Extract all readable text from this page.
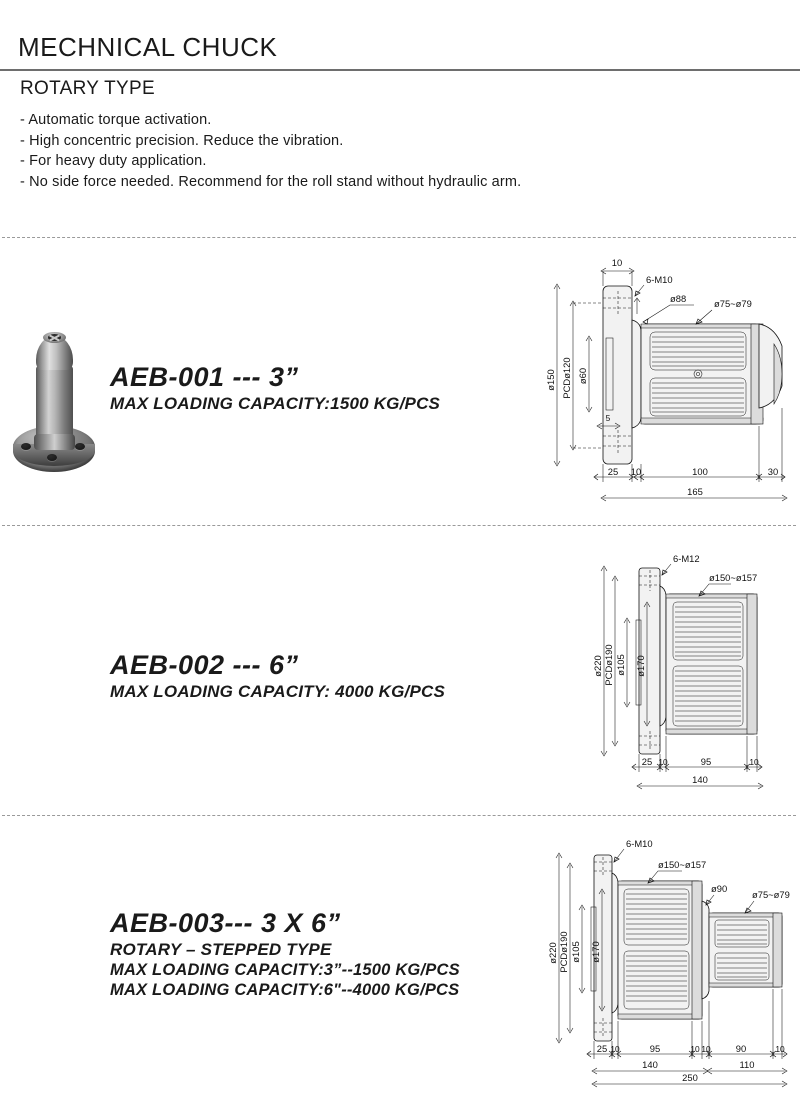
MECHNICAL CHUCK
ROTARY TYPE
- Automatic torque activation.
- High concentric precision. Reduce the vibration.
- For heavy duty application.
- No side force needed. Recommend for the roll stand without hydraulic arm.
AEB-001 --- 3”
MAX LOADING CAPACITY:1500 KG/PCS
ø150 PCDø120 ø60
10
6-M10
ø88	ø75~ø79
5
25 10	100	30
165
AEB-002 --- 6”
MAX LOADING CAPACITY: 4000 KG/PCS
ø220 PCDø190 ø105 ø170
6-M12
ø150~ø157
25 10	95	10
140
AEB-003--- 3 X 6”
ROTARY – STEPPED TYPE
MAX LOADING CAPACITY:3”--1500 KG/PCS
MAX LOADING CAPACITY:6"--4000 KG/PCS
ø220 PCDø190 ø105 ø170
6-M10
ø150~ø157
ø90
ø75~ø79
25 10	95	10 10	90	10
140	110
250
